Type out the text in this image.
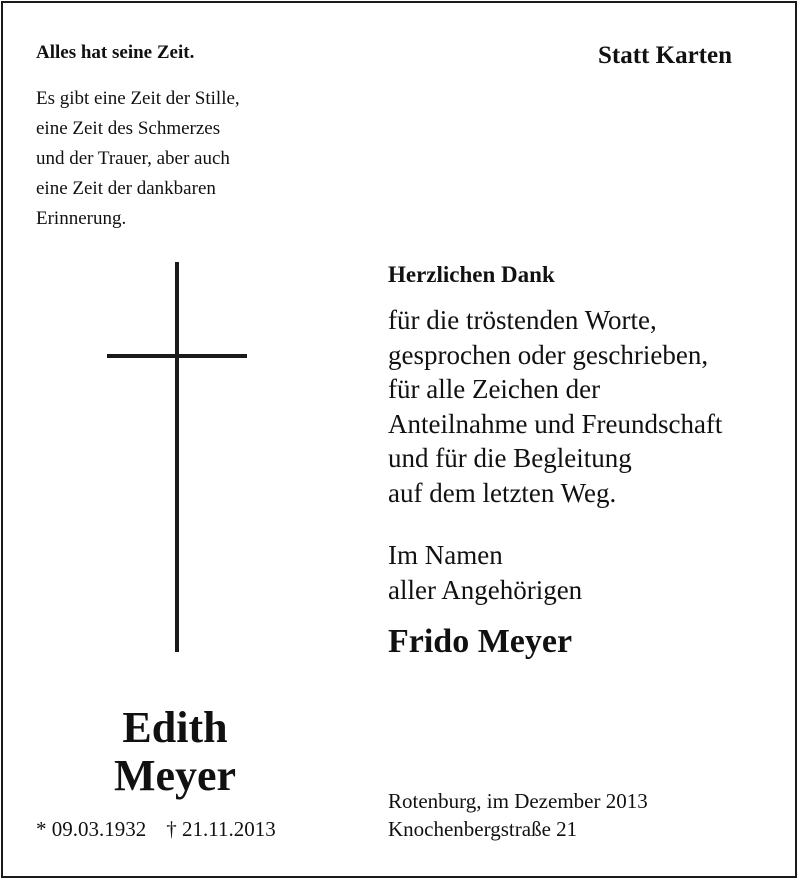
Alles hat seine Zeit.
Es gibt eine Zeit der Stille,
eine Zeit des Schmerzes
und der Trauer, aber auch
eine Zeit der dankbaren
Erinnerung.
Statt Karten
Herzlichen Dank
für die tröstenden Worte,
gesprochen oder geschrieben,
für alle Zeichen der
Anteilnahme und Freundschaft
und für die Begleitung
auf dem letzten Weg.
Im Namen
aller Angehörigen
Frido Meyer
Edith
Meyer
* 09.03.1932 † 21.11.2013
Rotenburg, im Dezember 2013
Knochenbergstraße 21
